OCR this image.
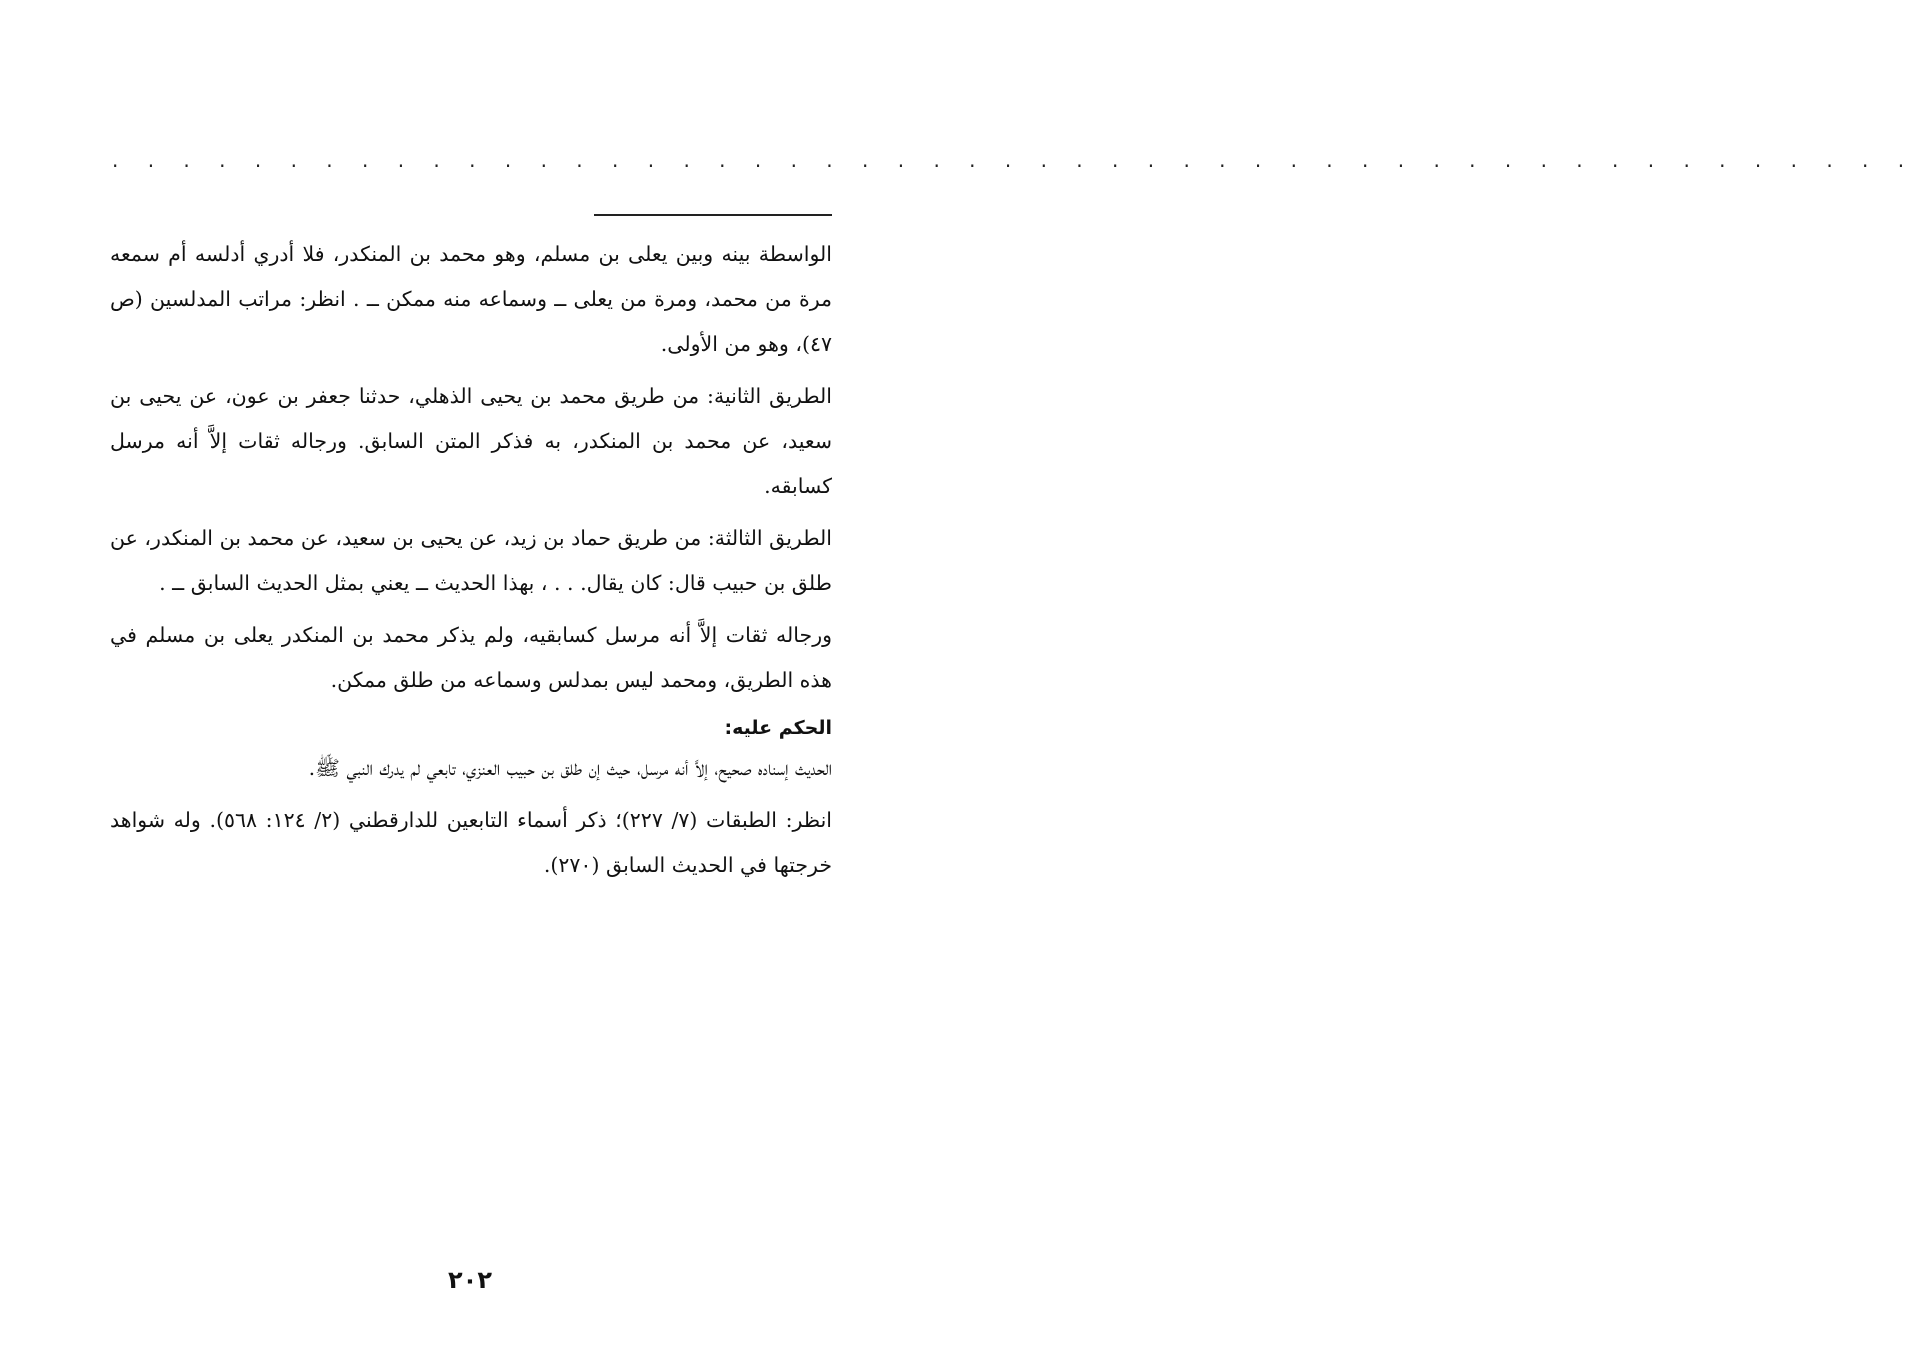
. . . . . . . . . . . . . . . . . . . . . . . . . . . . . . . . . . . . . . . . . . . . . . . . . . .

الواسطة بينه وبين يعلى بن مسلم، وهو محمد بن المنكدر، فلا أدري أدلسه أم سمعه مرة من محمد، ومرة من يعلى ــ وسماعه منه ممكن ــ . انظر: مراتب المدلسين (ص ٤٧)، وهو من الأولى.

الطريق الثانية: من طريق محمد بن يحيى الذهلي، حدثنا جعفر بن عون، عن يحيى بن سعيد، عن محمد بن المنكدر، به فذكر المتن السابق. ورجاله ثقات إلاَّ أنه مرسل كسابقه.

الطريق الثالثة: من طريق حماد بن زيد، عن يحيى بن سعيد، عن محمد بن المنكدر، عن طلق بن حبيب قال: كان يقال. . . ، بهذا الحديث ــ يعني بمثل الحديث السابق ــ .

ورجاله ثقات إلاَّ أنه مرسل كسابقيه، ولم يذكر محمد بن المنكدر يعلى بن مسلم في هذه الطريق، ومحمد ليس بمدلس وسماعه من طلق ممكن.

الحكم عليه:

الحديث إسناده صحيح، إلاَّ أنه مرسل، حيث إن طلق بن حبيب العنزي، تابعي لم يدرك النبي ﷺ.

انظر: الطبقات (٧/ ٢٢٧)؛ ذكر أسماء التابعين للدارقطني (٢/ ١٢٤: ٥٦٨). وله شواهد خرجتها في الحديث السابق (٢٧٠).

٢٠٢
